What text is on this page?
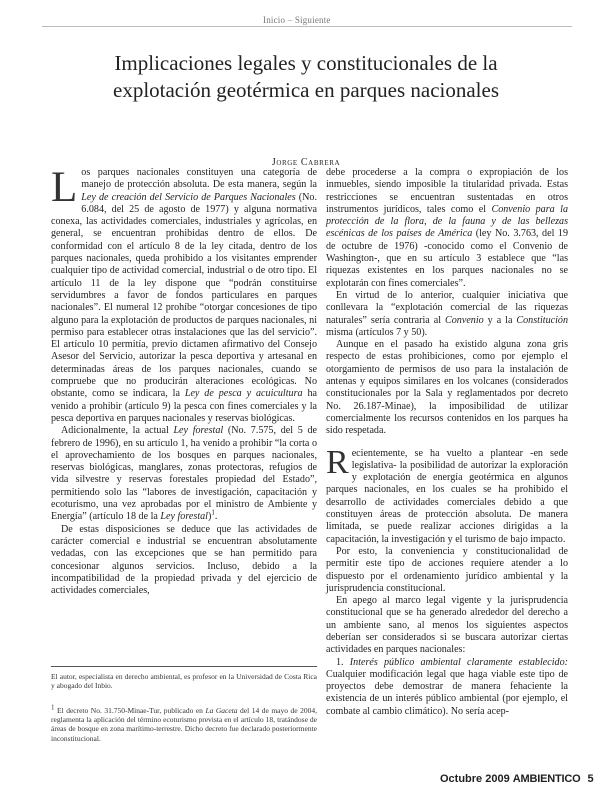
Inicio – Siguiente
Implicaciones legales y constitucionales de la
explotación geotérmica en parques nacionales
Jorge Cabrera

Los parques nacionales constituyen una categoría de manejo de protección absoluta. De esta manera, según la Ley de creación del Servicio de Parques Nacionales (No. 6.084, del 25 de agosto de 1977) y alguna normativa conexa, las actividades comerciales, industriales y agrícolas, en general, se encuentran prohibidas dentro de ellos. De conformidad con el artículo 8 de la ley citada, dentro de los parques nacionales, queda prohibido a los visitantes emprender cualquier tipo de actividad comercial, industrial o de otro tipo. El artículo 11 de la ley dispone que “podrán constituirse servidumbres a favor de fondos particulares en parques nacionales”. El numeral 12 prohíbe “otorgar concesiones de tipo alguno para la explotación de productos de parques nacionales, ni permiso para establecer otras instalaciones que las del servicio”. El artículo 10 permitía, previo dictamen afirmativo del Consejo Asesor del Servicio, autorizar la pesca deportiva y artesanal en determinadas áreas de los parques nacionales, cuando se compruebe que no producirán alteraciones ecológicas. No obstante, como se indicara, la Ley de pesca y acuicultura ha venido a prohibir (artículo 9) la pesca con fines comerciales y la pesca deportiva en parques nacionales y reservas biológicas.

Adicionalmente, la actual Ley forestal (No. 7.575, del 5 de febrero de 1996), en su artículo 1, ha venido a prohibir “la corta o el aprovechamiento de los bosques en parques nacionales, reservas biológicas, manglares, zonas protectoras, refugios de vida silvestre y reservas forestales propiedad del Estado”, permitiendo solo las “labores de investigación, capacitación y ecoturismo, una vez aprobadas por el ministro de Ambiente y Energía” (artículo 18 de la Ley forestal)$^1$.

De estas disposiciones se deduce que las actividades de carácter comercial e industrial se encuentran absolutamente vedadas, con las excepciones que se han permitido para concesionar algunos servicios. Incluso, debido a la incompatibilidad de la propiedad privada y del ejercicio de actividades comerciales,

El autor, especialista en derecho ambiental, es profesor en la Universidad de Costa Rica y abogado del Inbio.
1 El decreto No. 31.750-Minae-Tur, publicado en La Gaceta del 14 de mayo de 2004, reglamenta la aplicación del término ecoturismo prevista en el artículo 18, tratándose de áreas de bosque en zona marítimo-terrestre. Dicho decreto fue declarado posteriormente inconstitucional.

debe procederse a la compra o expropiación de los inmuebles, siendo imposible la titularidad privada. Estas restricciones se encuentran sustentadas en otros instrumentos jurídicos, tales como el Convenio para la protección de la flora, de la fauna y de las bellezas escénicas de los países de América (ley No. 3.763, del 19 de octubre de 1976) -conocido como el Convenio de Washington-, que en su artículo 3 establece que “las riquezas existentes en los parques nacionales no se explotarán con fines comerciales”.

En virtud de lo anterior, cualquier iniciativa que conllevara la “explotación comercial de las riquezas naturales” sería contraria al Convenio y a la Constitución misma (artículos 7 y 50).

Aunque en el pasado ha existido alguna zona gris respecto de estas prohibiciones, como por ejemplo el otorgamiento de permisos de uso para la instalación de antenas y equipos similares en los volcanes (considerados constitucionales por la Sala y reglamentados por decreto No. 26.187-Minae), la imposibilidad de utilizar comercialmente los recursos contenidos en los parques ha sido respetada.

Recientemente, se ha vuelto a plantear -en sede legislativa- la posibilidad de autorizar la exploración y explotación de energía geotérmica en algunos parques nacionales, en los cuales se ha prohibido el desarrollo de actividades comerciales debido a que constituyen áreas de protección absoluta. De manera limitada, se puede realizar acciones dirigidas a la capacitación, la investigación y el turismo de bajo impacto.

Por esto, la conveniencia y constitucionalidad de permitir este tipo de acciones requiere atender a lo dispuesto por el ordenamiento jurídico ambiental y la jurisprudencia constitucional.

En apego al marco legal vigente y la jurisprudencia constitucional que se ha generado alrededor del derecho a un ambiente sano, al menos los siguientes aspectos deberían ser considerados si se buscara autorizar ciertas actividades en parques nacionales:

1. Interés público ambiental claramente establecido: Cualquier modificación legal que haga viable este tipo de proyectos debe demostrar de manera fehaciente la existencia de un interés público ambiental (por ejemplo, el combate al cambio climático). No sería acep-

Octubre 2009 AMBIENTICO 5
